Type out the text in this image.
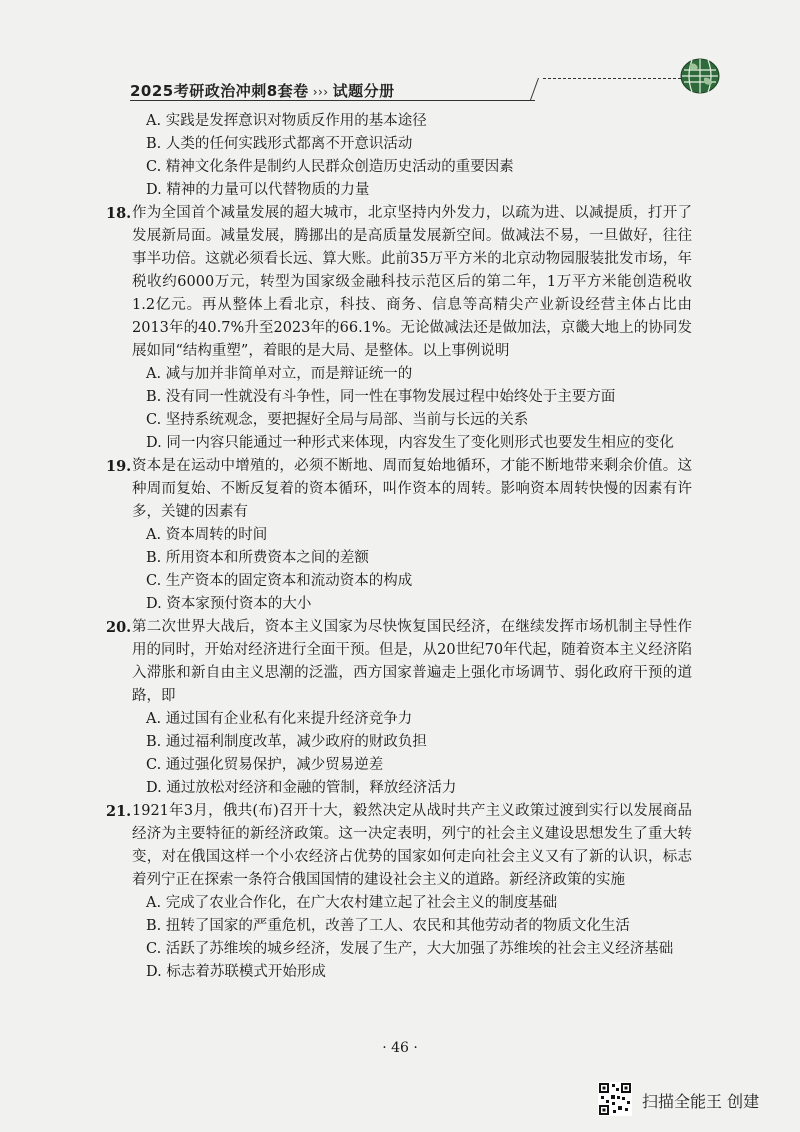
2025考研政治冲刺8套卷 ››› 试题分册

A. 实践是发挥意识对物质反作用的基本途径

B. 人类的任何实践形式都离不开意识活动

C. 精神文化条件是制约人民群众创造历史活动的重要因素

D. 精神的力量可以代替物质的力量

18. 作为全国首个减量发展的超大城市，北京坚持内外发力，以疏为进、以减提质，打开了发展新局面。减量发展，腾挪出的是高质量发展新空间。做减法不易，一旦做好，往往事半功倍。这就必须看长远、算大账。此前35万平方米的北京动物园服装批发市场，年税收约6000万元，转型为国家级金融科技示范区后的第二年，1万平方米能创造税收1.2亿元。再从整体上看北京，科技、商务、信息等高精尖产业新设经营主体占比由2013年的40.7%升至2023年的66.1%。无论做减法还是做加法，京畿大地上的协同发展如同“结构重塑”，着眼的是大局、是整体。以上事例说明

A. 减与加并非简单对立，而是辩证统一的

B. 没有同一性就没有斗争性，同一性在事物发展过程中始终处于主要方面

C. 坚持系统观念，要把握好全局与局部、当前与长远的关系

D. 同一内容只能通过一种形式来体现，内容发生了变化则形式也要发生相应的变化

19. 资本是在运动中增殖的，必须不断地、周而复始地循环，才能不断地带来剩余价值。这种周而复始、不断反复着的资本循环，叫作资本的周转。影响资本周转快慢的因素有许多，关键的因素有

A. 资本周转的时间

B. 所用资本和所费资本之间的差额

C. 生产资本的固定资本和流动资本的构成

D. 资本家预付资本的大小

20. 第二次世界大战后，资本主义国家为尽快恢复国民经济，在继续发挥市场机制主导性作用的同时，开始对经济进行全面干预。但是，从20世纪70年代起，随着资本主义经济陷入滞胀和新自由主义思潮的泛滥，西方国家普遍走上强化市场调节、弱化政府干预的道路，即

A. 通过国有企业私有化来提升经济竞争力

B. 通过福利制度改革，减少政府的财政负担

C. 通过强化贸易保护，减少贸易逆差

D. 通过放松对经济和金融的管制，释放经济活力

21. 1921年3月，俄共(布)召开十大，毅然决定从战时共产主义政策过渡到实行以发展商品经济为主要特征的新经济政策。这一决定表明，列宁的社会主义建设思想发生了重大转变，对在俄国这样一个小农经济占优势的国家如何走向社会主义又有了新的认识，标志着列宁正在探索一条符合俄国国情的建设社会主义的道路。新经济政策的实施

A. 完成了农业合作化，在广大农村建立起了社会主义的制度基础

B. 扭转了国家的严重危机，改善了工人、农民和其他劳动者的物质文化生活

C. 活跃了苏维埃的城乡经济，发展了生产，大大加强了苏维埃的社会主义经济基础

D. 标志着苏联模式开始形成

· 46 ·
扫描全能王 创建
